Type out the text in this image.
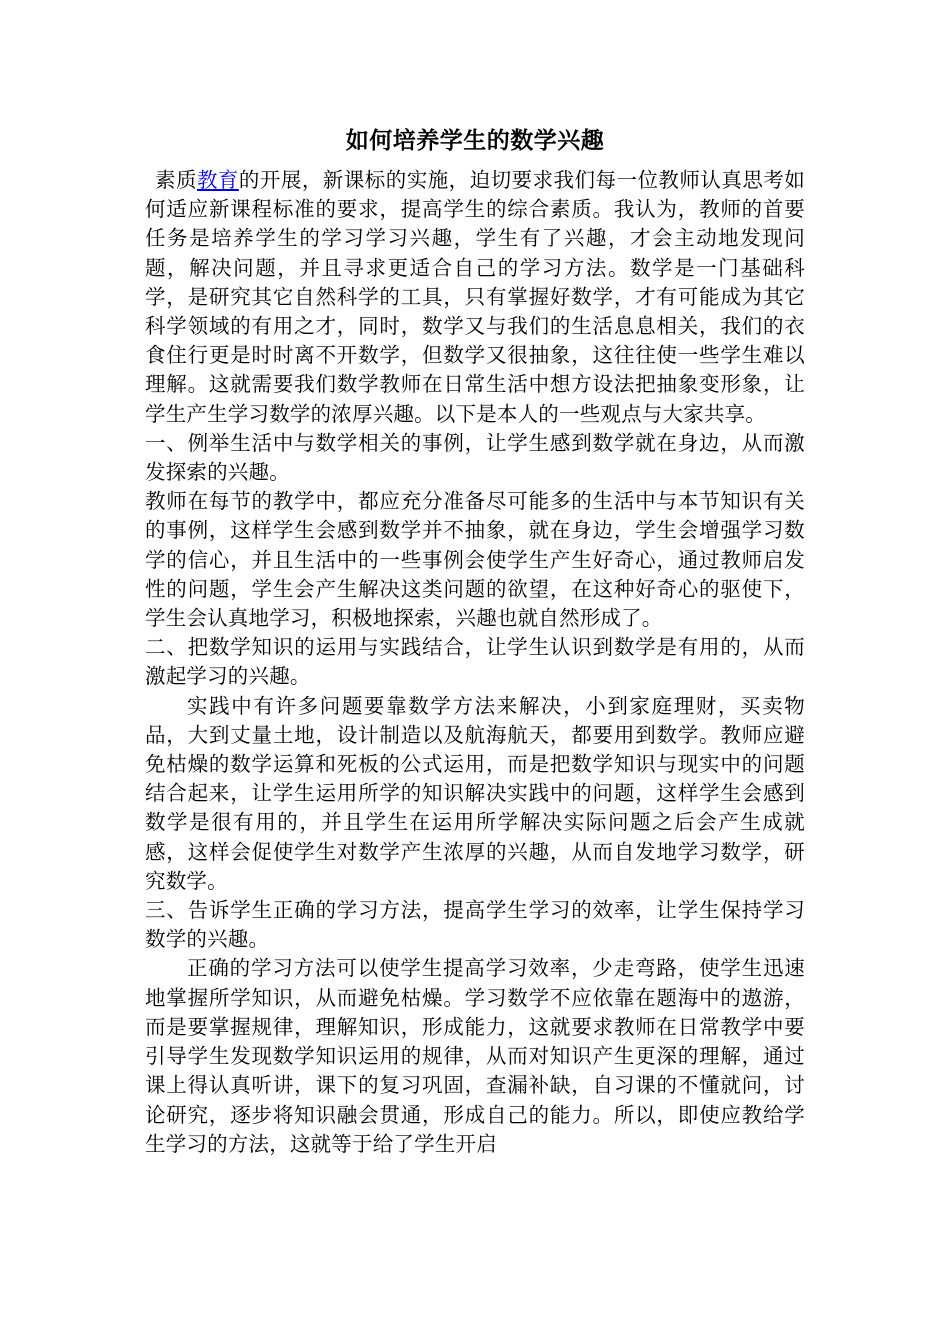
如何培养学生的数学兴趣

素质教育的开展，新课标的实施，迫切要求我们每一位教师认真思考如何适应新课程标准的要求，提高学生的综合素质。我认为，教师的首要任务是培养学生的学习学习兴趣，学生有了兴趣，才会主动地发现问题，解决问题，并且寻求更适合自己的学习方法。数学是一门基础科学，是研究其它自然科学的工具，只有掌握好数学，才有可能成为其它科学领域的有用之才，同时，数学又与我们的生活息息相关，我们的衣食住行更是时时离不开数学，但数学又很抽象，这往往使一些学生难以理解。这就需要我们数学教师在日常生活中想方设法把抽象变形象，让学生产生学习数学的浓厚兴趣。以下是本人的一些观点与大家共享。

一、例举生活中与数学相关的事例，让学生感到数学就在身边，从而激发探索的兴趣。

教师在每节的教学中，都应充分准备尽可能多的生活中与本节知识有关的事例，这样学生会感到数学并不抽象，就在身边，学生会增强学习数学的信心，并且生活中的一些事例会使学生产生好奇心，通过教师启发性的问题，学生会产生解决这类问题的欲望，在这种好奇心的驱使下，学生会认真地学习，积极地探索，兴趣也就自然形成了。

二、把数学知识的运用与实践结合，让学生认识到数学是有用的，从而激起学习的兴趣。

实践中有许多问题要靠数学方法来解决，小到家庭理财，买卖物品，大到丈量土地，设计制造以及航海航天，都要用到数学。教师应避免枯燥的数学运算和死板的公式运用，而是把数学知识与现实中的问题结合起来，让学生运用所学的知识解决实践中的问题，这样学生会感到数学是很有用的，并且学生在运用所学解决实际问题之后会产生成就感，这样会促使学生对数学产生浓厚的兴趣，从而自发地学习数学，研究数学。

三、告诉学生正确的学习方法，提高学生学习的效率，让学生保持学习数学的兴趣。

正确的学习方法可以使学生提高学习效率，少走弯路，使学生迅速地掌握所学知识，从而避免枯燥。学习数学不应依靠在题海中的遨游，而是要掌握规律，理解知识，形成能力，这就要求教师在日常教学中要引导学生发现数学知识运用的规律，从而对知识产生更深的理解，通过课上得认真听讲，课下的复习巩固，查漏补缺，自习课的不懂就问，讨论研究，逐步将知识融会贯通，形成自己的能力。所以，即使应教给学生学习的方法，这就等于给了学生开启
